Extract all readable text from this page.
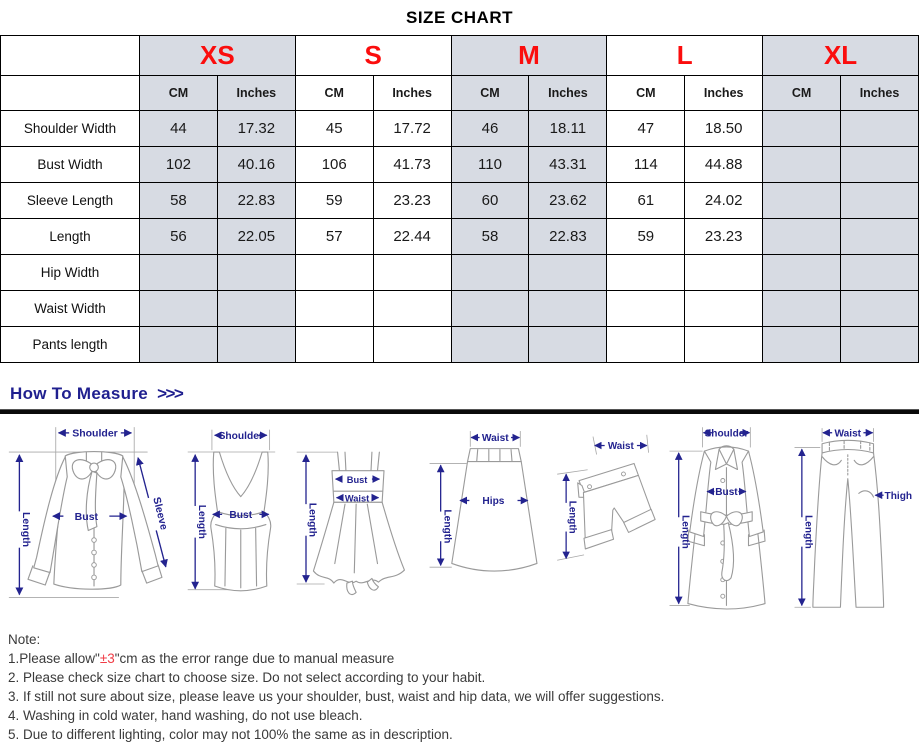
SIZE CHART
	XS		S		M		L		XL	
	CM	Inches	CM	Inches	CM	Inches	CM	Inches	CM	Inches
Shoulder Width	44	17.32	45	17.72	46	18.11	47	18.50		
Bust Width	102	40.16	106	41.73	110	43.31	114	44.88		
Sleeve Length	58	22.83	59	23.23	60	23.62	61	24.02		
Length	56	22.05	57	22.44	58	22.83	59	23.23		
Hip Width										
Waist Width										
Pants length										
How To Measure >>>
Shoulder
Bust
Length	Sleeve
Shoulder
Bust
Length
Bust
Waist
Length
Waist
Hips
Length
Waist
Length
Shoulder
Bust
Length
Waist
Thigh
Length
Note:
1.Please allow"±3"cm as the error range due to manual measure
2. Please check size chart to choose size. Do not select according to your habit.
3. If still not sure about size, please leave us your shoulder, bust, waist and hip data, we will offer suggestions.
4. Washing in cold water, hand washing, do not use bleach.
5. Due to different lighting, color may not 100% the same as in description.
